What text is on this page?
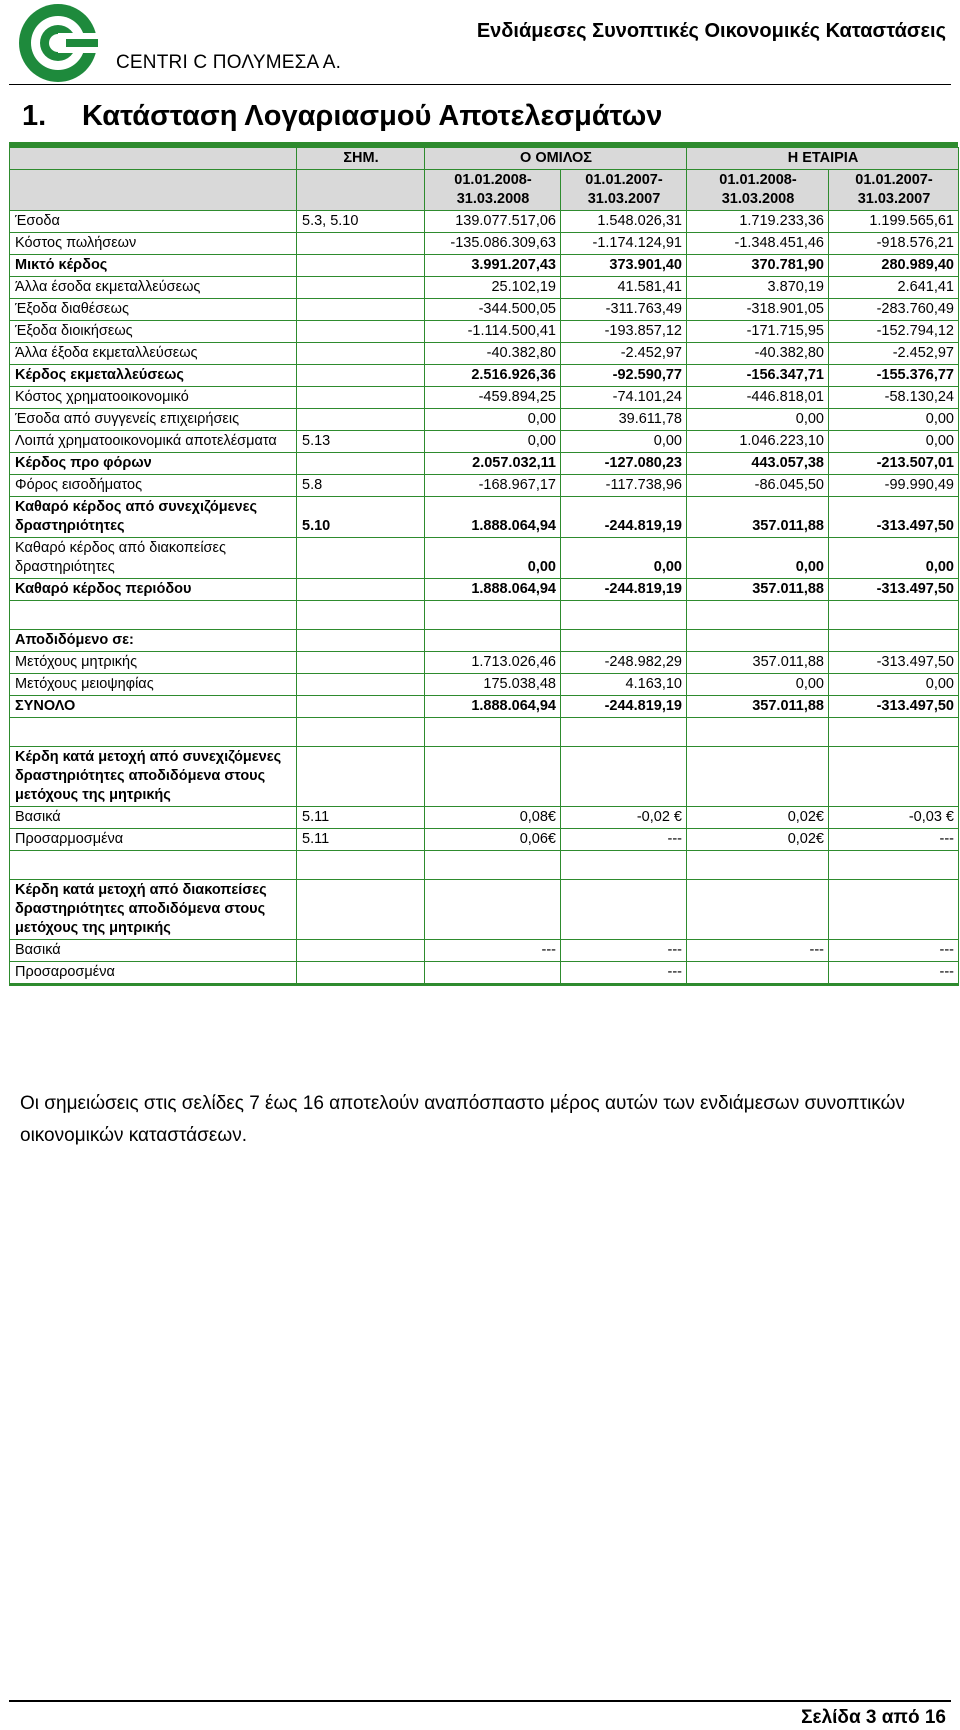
CENTRI C ΠΟΛΥΜΕΣΑ Α.
Ενδιάμεσες Συνοπτικές Οικονομικές Καταστάσεις
1. Κατάσταση Λογαριασμού Αποτελεσμάτων
	ΣΗΜ.	Ο ΟΜΙΛΟΣ		Η ΕΤΑΙΡΙΑ	
		01.01.2008-31.03.2008	01.01.2007-31.03.2007	01.01.2008-31.03.2008	01.01.2007-31.03.2007
Έσοδα	5.3, 5.10	139.077.517,06	1.548.026,31	1.719.233,36	1.199.565,61
Κόστος πωλήσεων		-135.086.309,63	-1.174.124,91	-1.348.451,46	-918.576,21
Μικτό κέρδος		3.991.207,43	373.901,40	370.781,90	280.989,40
Άλλα έσοδα εκμεταλλεύσεως		25.102,19	41.581,41	3.870,19	2.641,41
Έξοδα διαθέσεως		-344.500,05	-311.763,49	-318.901,05	-283.760,49
Έξοδα διοικήσεως		-1.114.500,41	-193.857,12	-171.715,95	-152.794,12
Άλλα έξοδα εκμεταλλεύσεως		-40.382,80	-2.452,97	-40.382,80	-2.452,97
Κέρδος εκμεταλλεύσεως		2.516.926,36	-92.590,77	-156.347,71	-155.376,77
Κόστος χρηματοοικονομικό		-459.894,25	-74.101,24	-446.818,01	-58.130,24
Έσοδα από συγγενείς επιχειρήσεις		0,00	39.611,78	0,00	0,00
Λοιπά χρηματοοικονομικά αποτελέσματα	5.13	0,00	0,00	1.046.223,10	0,00
Κέρδος προ φόρων		2.057.032,11	-127.080,23	443.057,38	-213.507,01
Φόρος εισοδήματος	5.8	-168.967,17	-117.738,96	-86.045,50	-99.990,49
Καθαρό κέρδος από συνεχιζόμενες δραστηριότητες	5.10	1.888.064,94	-244.819,19	357.011,88	-313.497,50
Καθαρό κέρδος από διακοπείσες δραστηριότητες		0,00	0,00	0,00	0,00
Καθαρό κέρδος περιόδου		1.888.064,94	-244.819,19	357.011,88	-313.497,50

Αποδιδόμενο σε:					
Μετόχους μητρικής		1.713.026,46	-248.982,29	357.011,88	-313.497,50
Μετόχους μειοψηφίας		175.038,48	4.163,10	0,00	0,00
ΣΥΝΟΛΟ		1.888.064,94	-244.819,19	357.011,88	-313.497,50

Κέρδη κατά μετοχή από συνεχιζόμενες δραστηριότητες αποδιδόμενα στους μετόχους της μητρικής					
Βασικά	5.11	0,08€	-0,02 €	0,02€	-0,03 €
Προσαρμοσμένα	5.11	0,06€	---	0,02€	---

Κέρδη κατά μετοχή από διακοπείσες δραστηριότητες αποδιδόμενα στους μετόχους της μητρικής					
Βασικά		---	---	---	---
Προσαροσμένα			---		---
Οι σημειώσεις στις σελίδες 7 έως 16 αποτελούν αναπόσπαστο μέρος αυτών των ενδιάμεσων συνοπτικών οικονομικών καταστάσεων.
Σελίδα 3 από 16
